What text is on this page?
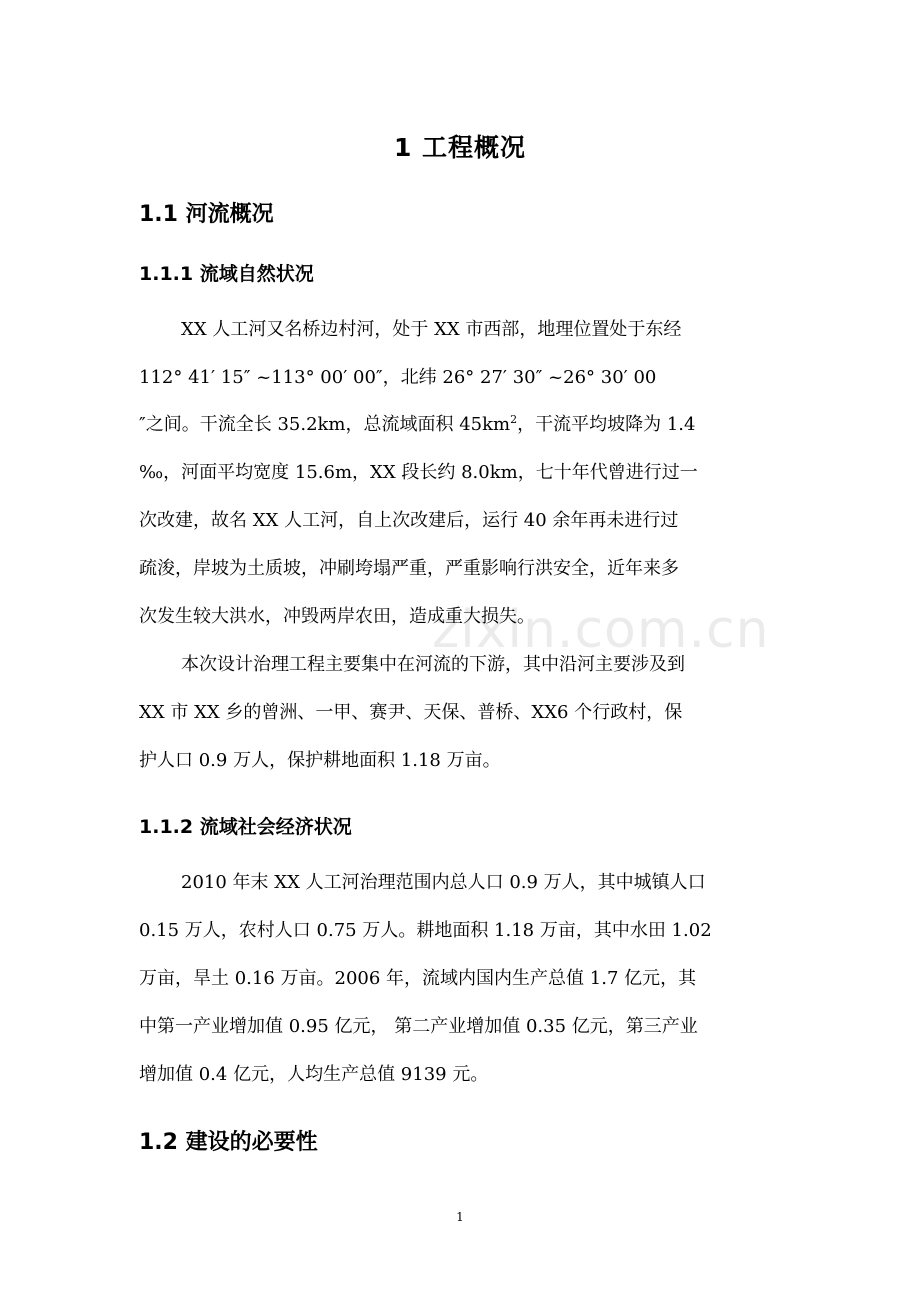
zixin.com.cn
1 工程概况
1.1 河流概况
1.1.1 流域自然状况
XX 人工河又名桥边村河，处于 XX 市西部，地理位置处于东经
112° 41′ 15″ ~113° 00′ 00″，北纬 26° 27′ 30″ ~26° 30′ 00
″之间。干流全长 35.2km，总流域面积 $45km^2$，干流平均坡降为 1.4
‰，河面平均宽度 15.6m，XX 段长约 8.0km，七十年代曾进行过一
次改建，故名 XX 人工河，自上次改建后，运行 40 余年再未进行过
疏浚，岸坡为土质坡，冲刷垮塌严重，严重影响行洪安全，近年来多
次发生较大洪水，冲毁两岸农田，造成重大损失。
本次设计治理工程主要集中在河流的下游，其中沿河主要涉及到
XX 市 XX 乡的曾洲、一甲、赛尹、天保、普桥、XX6 个行政村，保
护人口 0.9 万人，保护耕地面积 1.18 万亩。
1.1.2 流域社会经济状况
2010 年末 XX 人工河治理范围内总人口 0.9 万人，其中城镇人口
0.15 万人，农村人口 0.75 万人。耕地面积 1.18 万亩，其中水田 1.02
万亩，旱土 0.16 万亩。2006 年，流域内国内生产总值 1.7 亿元，其
中第一产业增加值 0.95 亿元， 第二产业增加值 0.35 亿元，第三产业
增加值 0.4 亿元，人均生产总值 9139 元。
1.2 建设的必要性
1
